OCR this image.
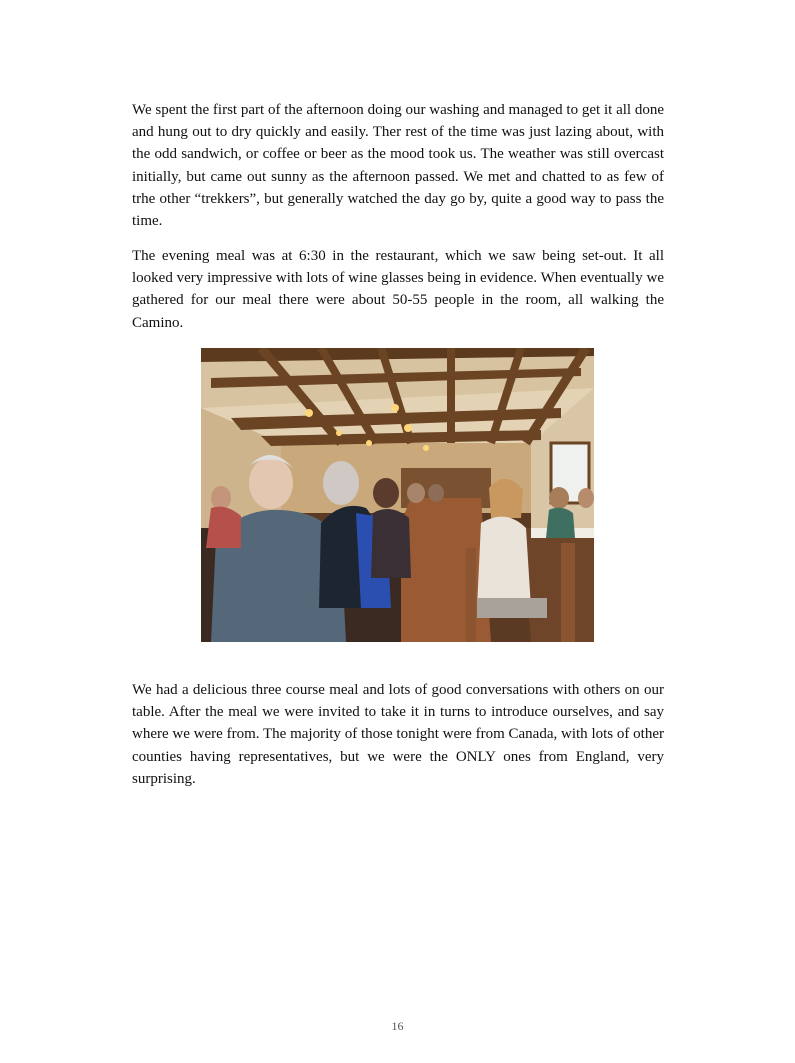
We spent the first part of the afternoon doing our washing and managed to get it all done and hung out to dry quickly and easily. Ther rest of the time was just lazing about, with the odd sandwich, or coffee or beer as the mood took us. The weather was still overcast initially, but came out sunny as the afternoon passed. We met and chatted to as few of trhe other “trekkers”, but generally watched the day go by, quite a good way to pass the time.

The evening meal was at 6:30 in the restaurant, which we saw being set-out. It all looked very impressive with lots of wine glasses being in evidence. When eventually we gathered for our meal there were about 50-55 people in the room, all walking the Camino.

We had a delicious three course meal and lots of good conversations with others on our table. After the meal we were invited to take it in turns to introduce ourselves, and say where we were from. The majority of those tonight were from Canada, with lots of other counties having representatives, but we were the ONLY ones from England, very surprising.

16
